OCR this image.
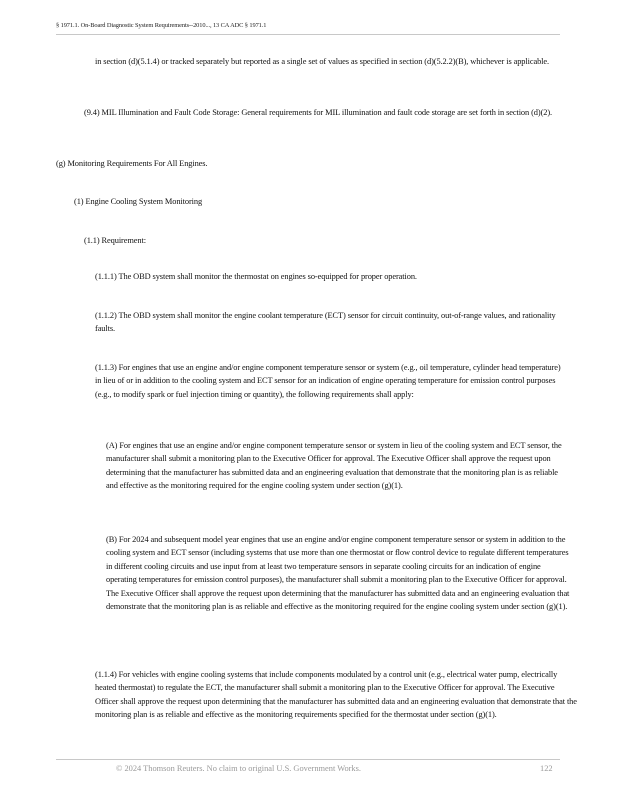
§ 1971.1. On-Board Diagnostic System Requirements--2010..., 13 CA ADC § 1971.1

in section (d)(5.1.4) or tracked separately but reported as a single set of values as specified in section (d)(5.2.2)(B), whichever is applicable.

(9.4) MIL Illumination and Fault Code Storage: General requirements for MIL illumination and fault code storage are set forth in section (d)(2).

(g) Monitoring Requirements For All Engines.

(1) Engine Cooling System Monitoring

(1.1) Requirement:

(1.1.1) The OBD system shall monitor the thermostat on engines so-equipped for proper operation.

(1.1.2) The OBD system shall monitor the engine coolant temperature (ECT) sensor for circuit continuity, out-of-range values, and rationality faults.

(1.1.3) For engines that use an engine and/or engine component temperature sensor or system (e.g., oil temperature, cylinder head temperature) in lieu of or in addition to the cooling system and ECT sensor for an indication of engine operating temperature for emission control purposes (e.g., to modify spark or fuel injection timing or quantity), the following requirements shall apply:

(A) For engines that use an engine and/or engine component temperature sensor or system in lieu of the cooling system and ECT sensor, the manufacturer shall submit a monitoring plan to the Executive Officer for approval. The Executive Officer shall approve the request upon determining that the manufacturer has submitted data and an engineering evaluation that demonstrate that the monitoring plan is as reliable and effective as the monitoring required for the engine cooling system under section (g)(1).

(B) For 2024 and subsequent model year engines that use an engine and/or engine component temperature sensor or system in addition to the cooling system and ECT sensor (including systems that use more than one thermostat or flow control device to regulate different temperatures in different cooling circuits and use input from at least two temperature sensors in separate cooling circuits for an indication of engine operating temperatures for emission control purposes), the manufacturer shall submit a monitoring plan to the Executive Officer for approval. The Executive Officer shall approve the request upon determining that the manufacturer has submitted data and an engineering evaluation that demonstrate that the monitoring plan is as reliable and effective as the monitoring required for the engine cooling system under section (g)(1).

(1.1.4) For vehicles with engine cooling systems that include components modulated by a control unit (e.g., electrical water pump, electrically heated thermostat) to regulate the ECT, the manufacturer shall submit a monitoring plan to the Executive Officer for approval. The Executive Officer shall approve the request upon determining that the manufacturer has submitted data and an engineering evaluation that demonstrate that the monitoring plan is as reliable and effective as the monitoring requirements specified for the thermostat under section (g)(1).

© 2024 Thomson Reuters. No claim to original U.S. Government Works.	122
